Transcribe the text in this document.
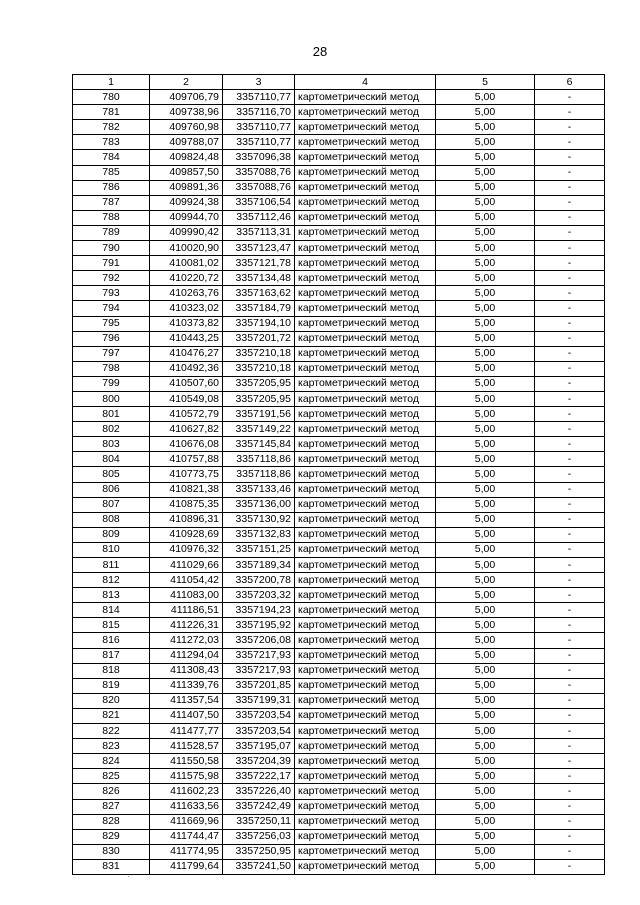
28
1	2	3	4	5	6
780	409706,79	3357110,77	картометрический метод	5,00	-
781	409738,96	3357116,70	картометрический метод	5,00	-
782	409760,98	3357110,77	картометрический метод	5,00	-
783	409788,07	3357110,77	картометрический метод	5,00	-
784	409824,48	3357096,38	картометрический метод	5,00	-
785	409857,50	3357088,76	картометрический метод	5,00	-
786	409891,36	3357088,76	картометрический метод	5,00	-
787	409924,38	3357106,54	картометрический метод	5,00	-
788	409944,70	3357112,46	картометрический метод	5,00	-
789	409990,42	3357113,31	картометрический метод	5,00	-
790	410020,90	3357123,47	картометрический метод	5,00	-
791	410081,02	3357121,78	картометрический метод	5,00	-
792	410220,72	3357134,48	картометрический метод	5,00	-
793	410263,76	3357163,62	картометрический метод	5,00	-
794	410323,02	3357184,79	картометрический метод	5,00	-
795	410373,82	3357194,10	картометрический метод	5,00	-
796	410443,25	3357201,72	картометрический метод	5,00	-
797	410476,27	3357210,18	картометрический метод	5,00	-
798	410492,36	3357210,18	картометрический метод	5,00	-
799	410507,60	3357205,95	картометрический метод	5,00	-
800	410549,08	3357205,95	картометрический метод	5,00	-
801	410572,79	3357191,56	картометрический метод	5,00	-
802	410627,82	3357149,22	картометрический метод	5,00	-
803	410676,08	3357145,84	картометрический метод	5,00	-
804	410757,88	3357118,86	картометрический метод	5,00	-
805	410773,75	3357118,86	картометрический метод	5,00	-
806	410821,38	3357133,46	картометрический метод	5,00	-
807	410875,35	3357136,00	картометрический метод	5,00	-
808	410896,31	3357130,92	картометрический метод	5,00	-
809	410928,69	3357132,83	картометрический метод	5,00	-
810	410976,32	3357151,25	картометрический метод	5,00	-
811	411029,66	3357189,34	картометрический метод	5,00	-
812	411054,42	3357200,78	картометрический метод	5,00	-
813	411083,00	3357203,32	картометрический метод	5,00	-
814	411186,51	3357194,23	картометрический метод	5,00	-
815	411226,31	3357195,92	картометрический метод	5,00	-
816	411272,03	3357206,08	картометрический метод	5,00	-
817	411294,04	3357217,93	картометрический метод	5,00	-
818	411308,43	3357217,93	картометрический метод	5,00	-
819	411339,76	3357201,85	картометрический метод	5,00	-
820	411357,54	3357199,31	картометрический метод	5,00	-
821	411407,50	3357203,54	картометрический метод	5,00	-
822	411477,77	3357203,54	картометрический метод	5,00	-
823	411528,57	3357195,07	картометрический метод	5,00	-
824	411550,58	3357204,39	картометрический метод	5,00	-
825	411575,98	3357222,17	картометрический метод	5,00	-
826	411602,23	3357226,40	картометрический метод	5,00	-
827	411633,56	3357242,49	картометрический метод	5,00	-
828	411669,96	3357250,11	картометрический метод	5,00	-
829	411744,47	3357256,03	картометрический метод	5,00	-
830	411774,95	3357250,95	картометрический метод	5,00	-
831	411799,64	3357241,50	картометрический метод	5,00	-
